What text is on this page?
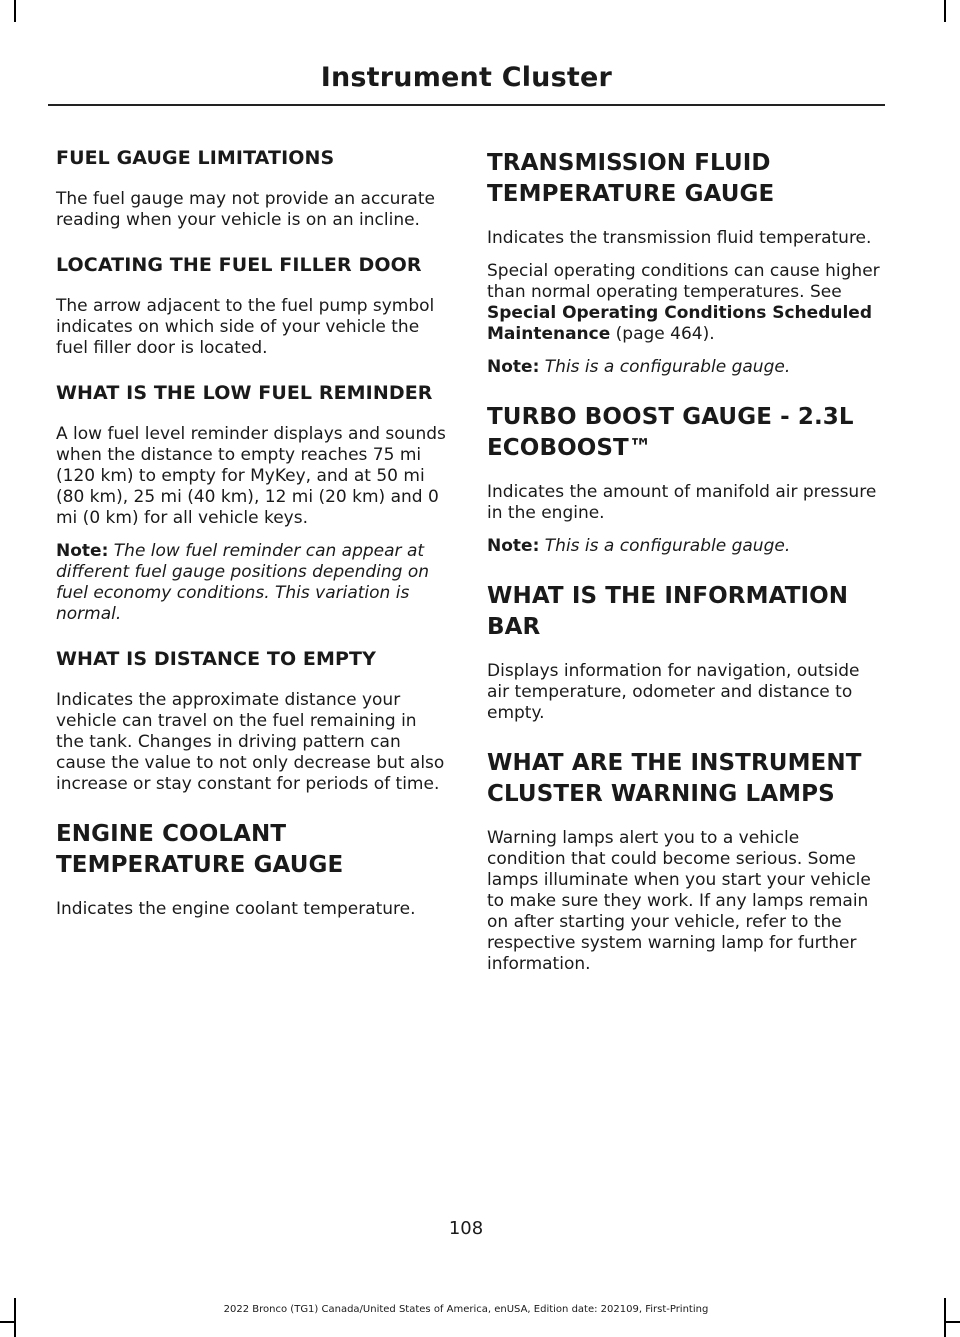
Instrument Cluster
FUEL GAUGE LIMITATIONS

The fuel gauge may not provide an accurate reading when your vehicle is on an incline.

LOCATING THE FUEL FILLER DOOR

The arrow adjacent to the fuel pump symbol indicates on which side of your vehicle the fuel filler door is located.

WHAT IS THE LOW FUEL REMINDER

A low fuel level reminder displays and sounds when the distance to empty reaches 75 mi (120 km) to empty for MyKey, and at 50 mi (80 km), 25 mi (40 km), 12 mi (20 km) and 0 mi (0 km) for all vehicle keys.

Note: The low fuel reminder can appear at different fuel gauge positions depending on fuel economy conditions. This variation is normal.

WHAT IS DISTANCE TO EMPTY

Indicates the approximate distance your vehicle can travel on the fuel remaining in the tank. Changes in driving pattern can cause the value to not only decrease but also increase or stay constant for periods of time.

ENGINE COOLANT TEMPERATURE GAUGE

Indicates the engine coolant temperature.

TRANSMISSION FLUID TEMPERATURE GAUGE

Indicates the transmission fluid temperature.

Special operating conditions can cause higher than normal operating temperatures. See Special Operating Conditions Scheduled Maintenance (page 464).

Note: This is a configurable gauge.

TURBO BOOST GAUGE - 2.3L ECOBOOST™

Indicates the amount of manifold air pressure in the engine.

Note: This is a configurable gauge.

WHAT IS THE INFORMATION BAR

Displays information for navigation, outside air temperature, odometer and distance to empty.

WHAT ARE THE INSTRUMENT CLUSTER WARNING LAMPS

Warning lamps alert you to a vehicle condition that could become serious. Some lamps illuminate when you start your vehicle to make sure they work. If any lamps remain on after starting your vehicle, refer to the respective system warning lamp for further information.

108
2022 Bronco (TG1) Canada/United States of America, enUSA, Edition date: 202109, First-Printing
